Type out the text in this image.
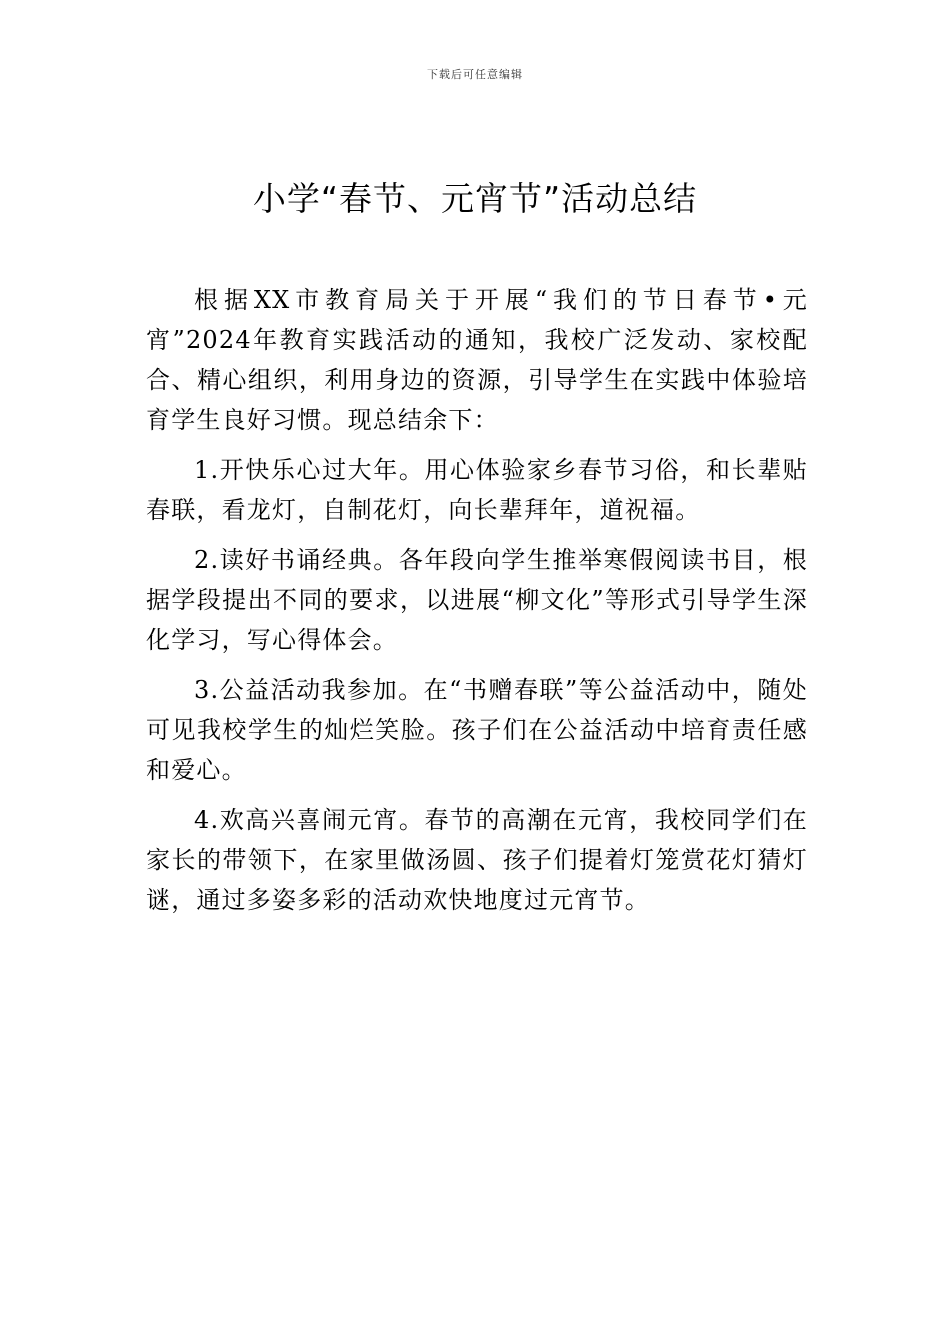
下载后可任意编辑
小学“春节、元宵节”活动总结

根据XX市教育局关于开展“我们的节日春节•元宵”2024年教育实践活动的通知，我校广泛发动、家校配合、精心组织，利用身边的资源，引导学生在实践中体验培育学生良好习惯。现总结余下：

1.开快乐心过大年。用心体验家乡春节习俗，和长辈贴春联，看龙灯，自制花灯，向长辈拜年，道祝福。

2.读好书诵经典。各年段向学生推举寒假阅读书目，根据学段提出不同的要求，以进展“柳文化”等形式引导学生深化学习，写心得体会。

3.公益活动我参加。在“书赠春联”等公益活动中，随处可见我校学生的灿烂笑脸。孩子们在公益活动中培育责任感和爱心。

4.欢高兴喜闹元宵。春节的高潮在元宵，我校同学们在家长的带领下，在家里做汤圆、孩子们提着灯笼赏花灯猜灯谜，通过多姿多彩的活动欢快地度过元宵节。
